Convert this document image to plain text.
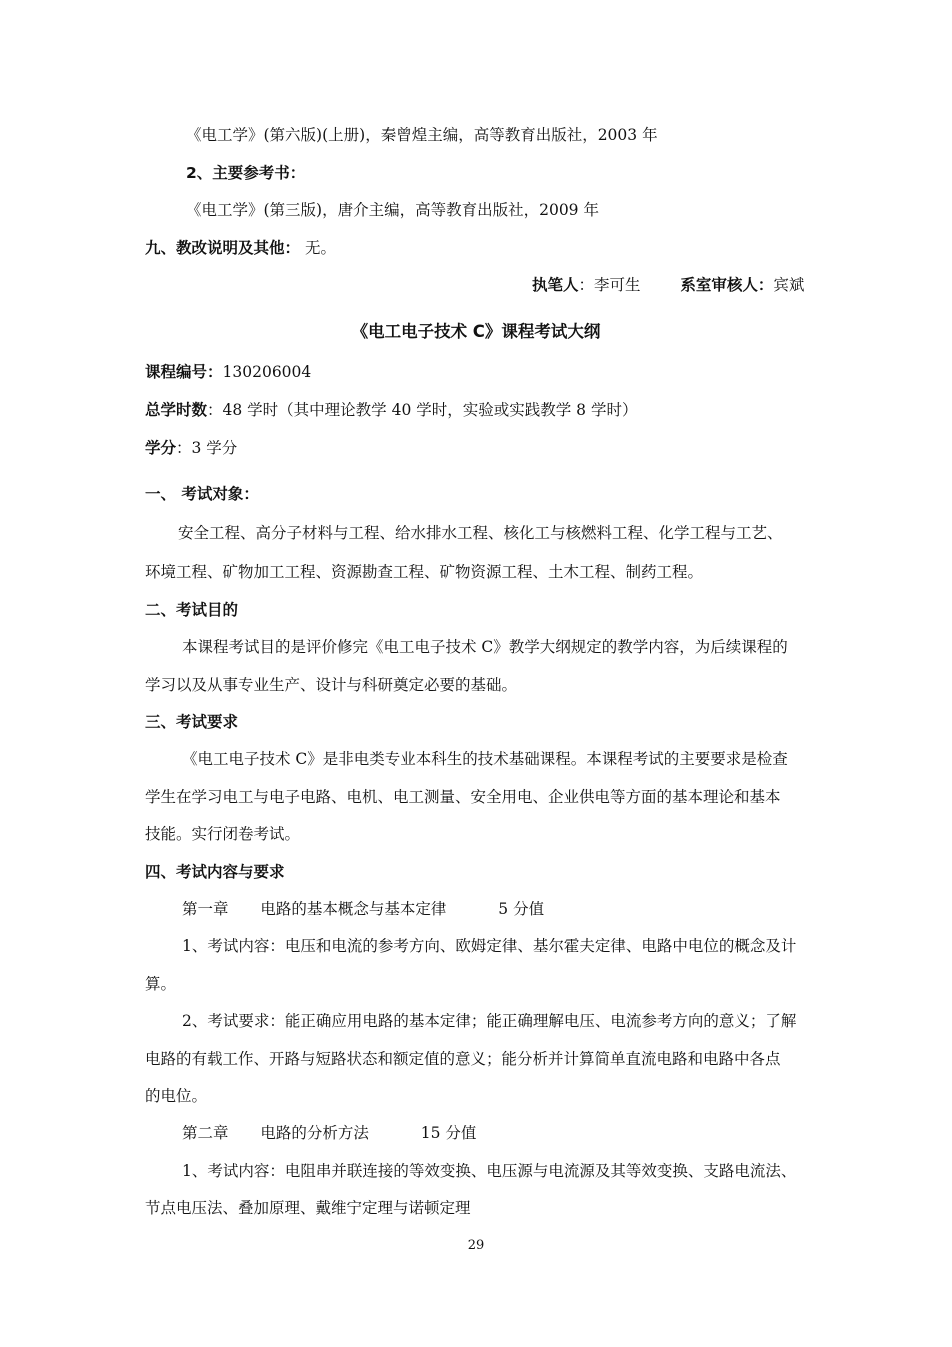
《电工学》(第六版)(上册)，秦曾煌主编，高等教育出版社，2003 年
2、主要参考书：
《电工学》(第三版)，唐介主编，高等教育出版社，2009 年
九、教改说明及其他： 无。
执笔人：李可生	系室审核人：宾斌
《电工电子技术 C》课程考试大纲
课程编号：130206004
总学时数：48 学时（其中理论教学 40 学时，实验或实践教学 8 学时）
学分：3 学分
一、 考试对象：
安全工程、高分子材料与工程、给水排水工程、核化工与核燃料工程、化学工程与工艺、
环境工程、矿物加工工程、资源勘查工程、矿物资源工程、土木工程、制药工程。
二、考试目的
本课程考试目的是评价修完《电工电子技术 C》教学大纲规定的教学内容，为后续课程的
学习以及从事专业生产、设计与科研奠定必要的基础。
三、考试要求
《电工电子技术 C》是非电类专业本科生的技术基础课程。本课程考试的主要要求是检查
学生在学习电工与电子电路、电机、电工测量、安全用电、企业供电等方面的基本理论和基本
技能。实行闭卷考试。
四、考试内容与要求
第一章 电路的基本概念与基本定律	5 分值
1、考试内容：电压和电流的参考方向、欧姆定律、基尔霍夫定律、电路中电位的概念及计
算。
2、考试要求：能正确应用电路的基本定律；能正确理解电压、电流参考方向的意义；了解
电路的有载工作、开路与短路状态和额定值的意义；能分析并计算简单直流电路和电路中各点
的电位。
第二章 电路的分析方法	15 分值
1、考试内容：电阻串并联连接的等效变换、电压源与电流源及其等效变换、支路电流法、
节点电压法、叠加原理、戴维宁定理与诺顿定理
29
